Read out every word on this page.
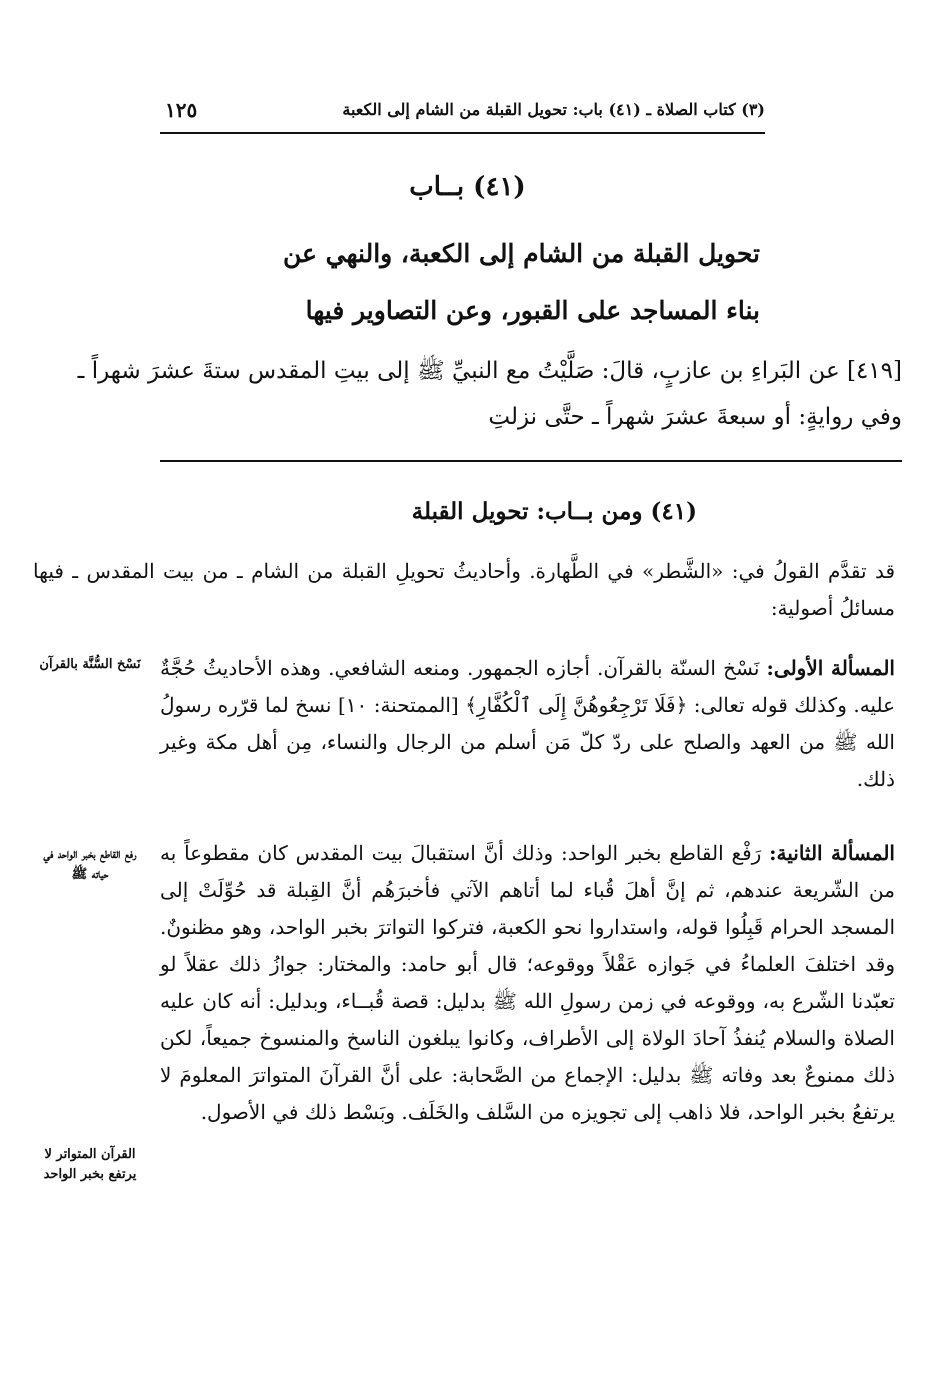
(٣) كتاب الصلاة ـ (٤١) باب: تحويل القبلة من الشام إلى الكعبة
١٢٥
(٤١) بــاب
تحويل القبلة من الشام إلى الكعبة، والنهي عن
بناء المساجد على القبور، وعن التصاوير فيها
[٤١٩] عن البَراءِ بن عازبٍ، قالَ: صَلَّيْتُ مع النبيِّ ﷺ إلى بيتِ المقدس ستةَ عشرَ شهراً ـ وفي روايةٍ: أو سبعةَ عشرَ شهراً ـ حتَّى نزلتِ
(٤١) ومن بــاب: تحويل القبلة
قد تقدَّم القولُ في: «الشَّطر» في الطَّهارة. وأحاديثُ تحويلِ القبلة من الشام ـ من بيت المقدس ـ فيها مسائلُ أصولية:
المسألة الأولى: نَسْخ السنّة بالقرآن. أجازه الجمهور. ومنعه الشافعي. وهذه الأحاديثُ حُجَّةٌ عليه. وكذلك قوله تعالى: ﴿فَلَا تَرْجِعُوهُنَّ إِلَى ٱلْكُفَّارِ﴾ [الممتحنة: ١٠] نسخ لما قرّره رسولُ الله ﷺ من العهد والصلح على ردّ كلّ مَن أسلم من الرجال والنساء، مِن أهل مكة وغير ذلك.
المسألة الثانية: رَفْع القاطع بخبر الواحد: وذلك أنَّ استقبالَ بيت المقدس كان مقطوعاً به من الشّريعة عندهم، ثم إنَّ أهلَ قُباء لما أتاهم الآتي فأخبرَهُم أنَّ القِبلة قد حُوِّلَتْ إلى المسجد الحرام قَبِلُوا قوله، واستداروا نحو الكعبة، فتركوا التواترَ بخبر الواحد، وهو مظنونٌ. وقد اختلفَ العلماءُ في جَوازه عَقْلاً ووقوعه؛ قال أبو حامد: والمختار: جوازُ ذلك عقلاً لو تعبّدنا الشّرع به، ووقوعه في زمن رسولِ الله ﷺ بدليل: قصة قُبــاء، وبدليل: أنه كان عليه الصلاة والسلام يُنفذُ آحادَ الولاة إلى الأطراف، وكانوا يبلغون الناسخ والمنسوخ جميعاً، لكن ذلك ممنوعٌ بعد وفاته ﷺ بدليل: الإجماع من الصَّحابة: على أنَّ القرآنَ المتواترَ المعلومَ لا يرتفعُ بخبر الواحد، فلا ذاهب إلى تجويزه من السَّلف والخَلَف. وبَسْط ذلك في الأصول.
نَسْخ السُّنَّة بالقرآن
رفع القاطع بخبر الواحد في حياته ﷺ
القرآن المتواتر لا يرتفع بخبر الواحد
